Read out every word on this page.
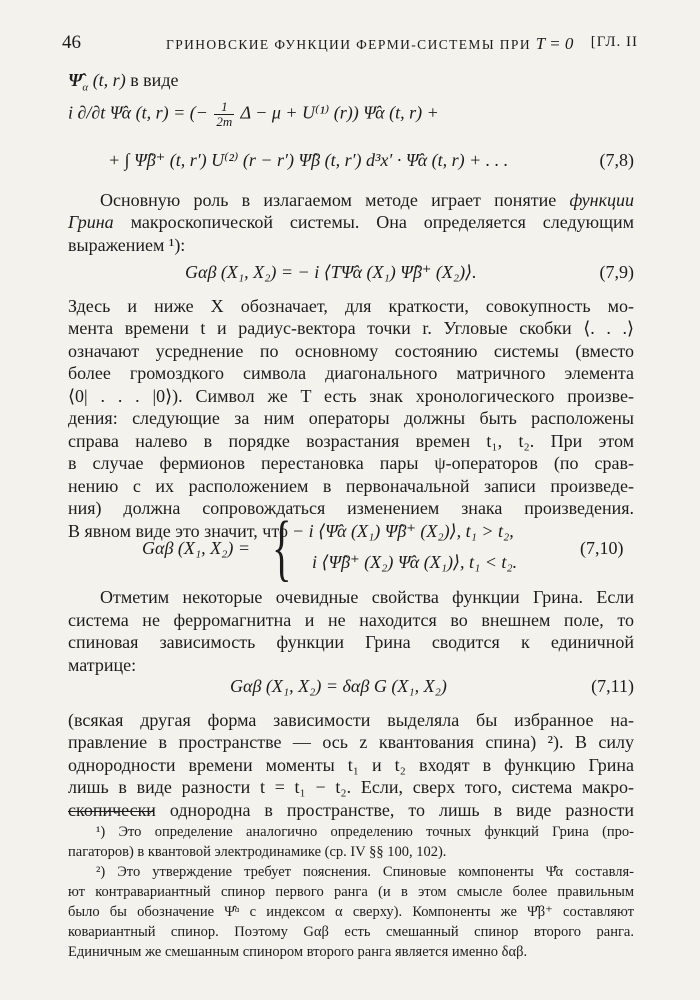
46	ГРИНОВСКИЕ ФУНКЦИИ ФЕРМИ-СИСТЕМЫ ПРИ T = 0 [ГЛ. II
$\Psî_\alpha$ (t, r) в виде
i ∂/∂t Ψ̂α (t, r) = (− $\frac{1}{2m}$ Δ − μ + U⁽¹⁾ (r)) Ψ̂α (t, r) +
+ ∫ Ψ̂β⁺ (t, r′) U⁽²⁾ (r − r′) Ψ̂β (t, r′) d³x′ · Ψ̂α (t, r) + . . .	(7,8)
Основную роль в излагаемом методе играет понятие функции
Грина макроскопической системы. Она определяется следующим
выражением ¹):
Gαβ (X₁, X₂) = − i ⟨TΨ̂α (X₁) Ψ̂β⁺ (X₂)⟩.	(7,9)
Здесь и ниже X обозначает, для краткости, совокупность мо-
мента времени t и радиус-вектора точки r. Угловые скобки ⟨. . .⟩
означают усреднение по основному состоянию системы (вместо
более громоздкого символа диагонального матричного элемента
⟨0| . . . |0⟩). Символ же T есть знак хронологического произве-
дения: следующие за ним операторы должны быть расположены
справа налево в порядке возрастания времен t₁, t₂. При этом
в случае фермионов перестановка пары ψ-операторов (по срав-
нению с их расположением в первоначальной записи произведе-
ния) должна сопровождаться изменением знака произведения.
В явном виде это значит, что
Gαβ (X₁, X₂) = { − i ⟨Ψ̂α (X₁) Ψ̂β⁺ (X₂)⟩, t₁ > t₂,
i ⟨Ψ̂β⁺ (X₂) Ψ̂α (X₁)⟩, t₁ < t₂.
(7,10)
Отметим некоторые очевидные свойства функции Грина. Если
система не ферромагнитна и не находится во внешнем поле, то
спиновая зависимость функции Грина сводится к единичной
матрице:
Gαβ (X₁, X₂) = δαβ G (X₁, X₂)	(7,11)
(всякая другая форма зависимости выделяла бы избранное на-
правление в пространстве — ось z квантования спина) ²). В силу
однородности времени моменты t₁ и t₂ входят в функцию Грина
лишь в виде разности t = t₁ − t₂. Если, сверх того, система макро-
скопически однородна в пространстве, то лишь в виде разности
¹) Это определение аналогично определению точных функций Грина (про-
пагаторов) в квантовой электродинамике (ср. IV §§ 100, 102).
²) Это утверждение требует пояснения. Спиновые компоненты Ψ̂α составля-
ют контравариантный спинор первого ранга (и в этом смысле более правильным
было бы обозначение Ψ̂ᵅ с индексом α сверху). Компоненты же Ψ̂β⁺ составляют
ковариантный спинор. Поэтому Gαβ есть смешанный спинор второго ранга.
Единичным же смешанным спинором второго ранга является именно δαβ.
